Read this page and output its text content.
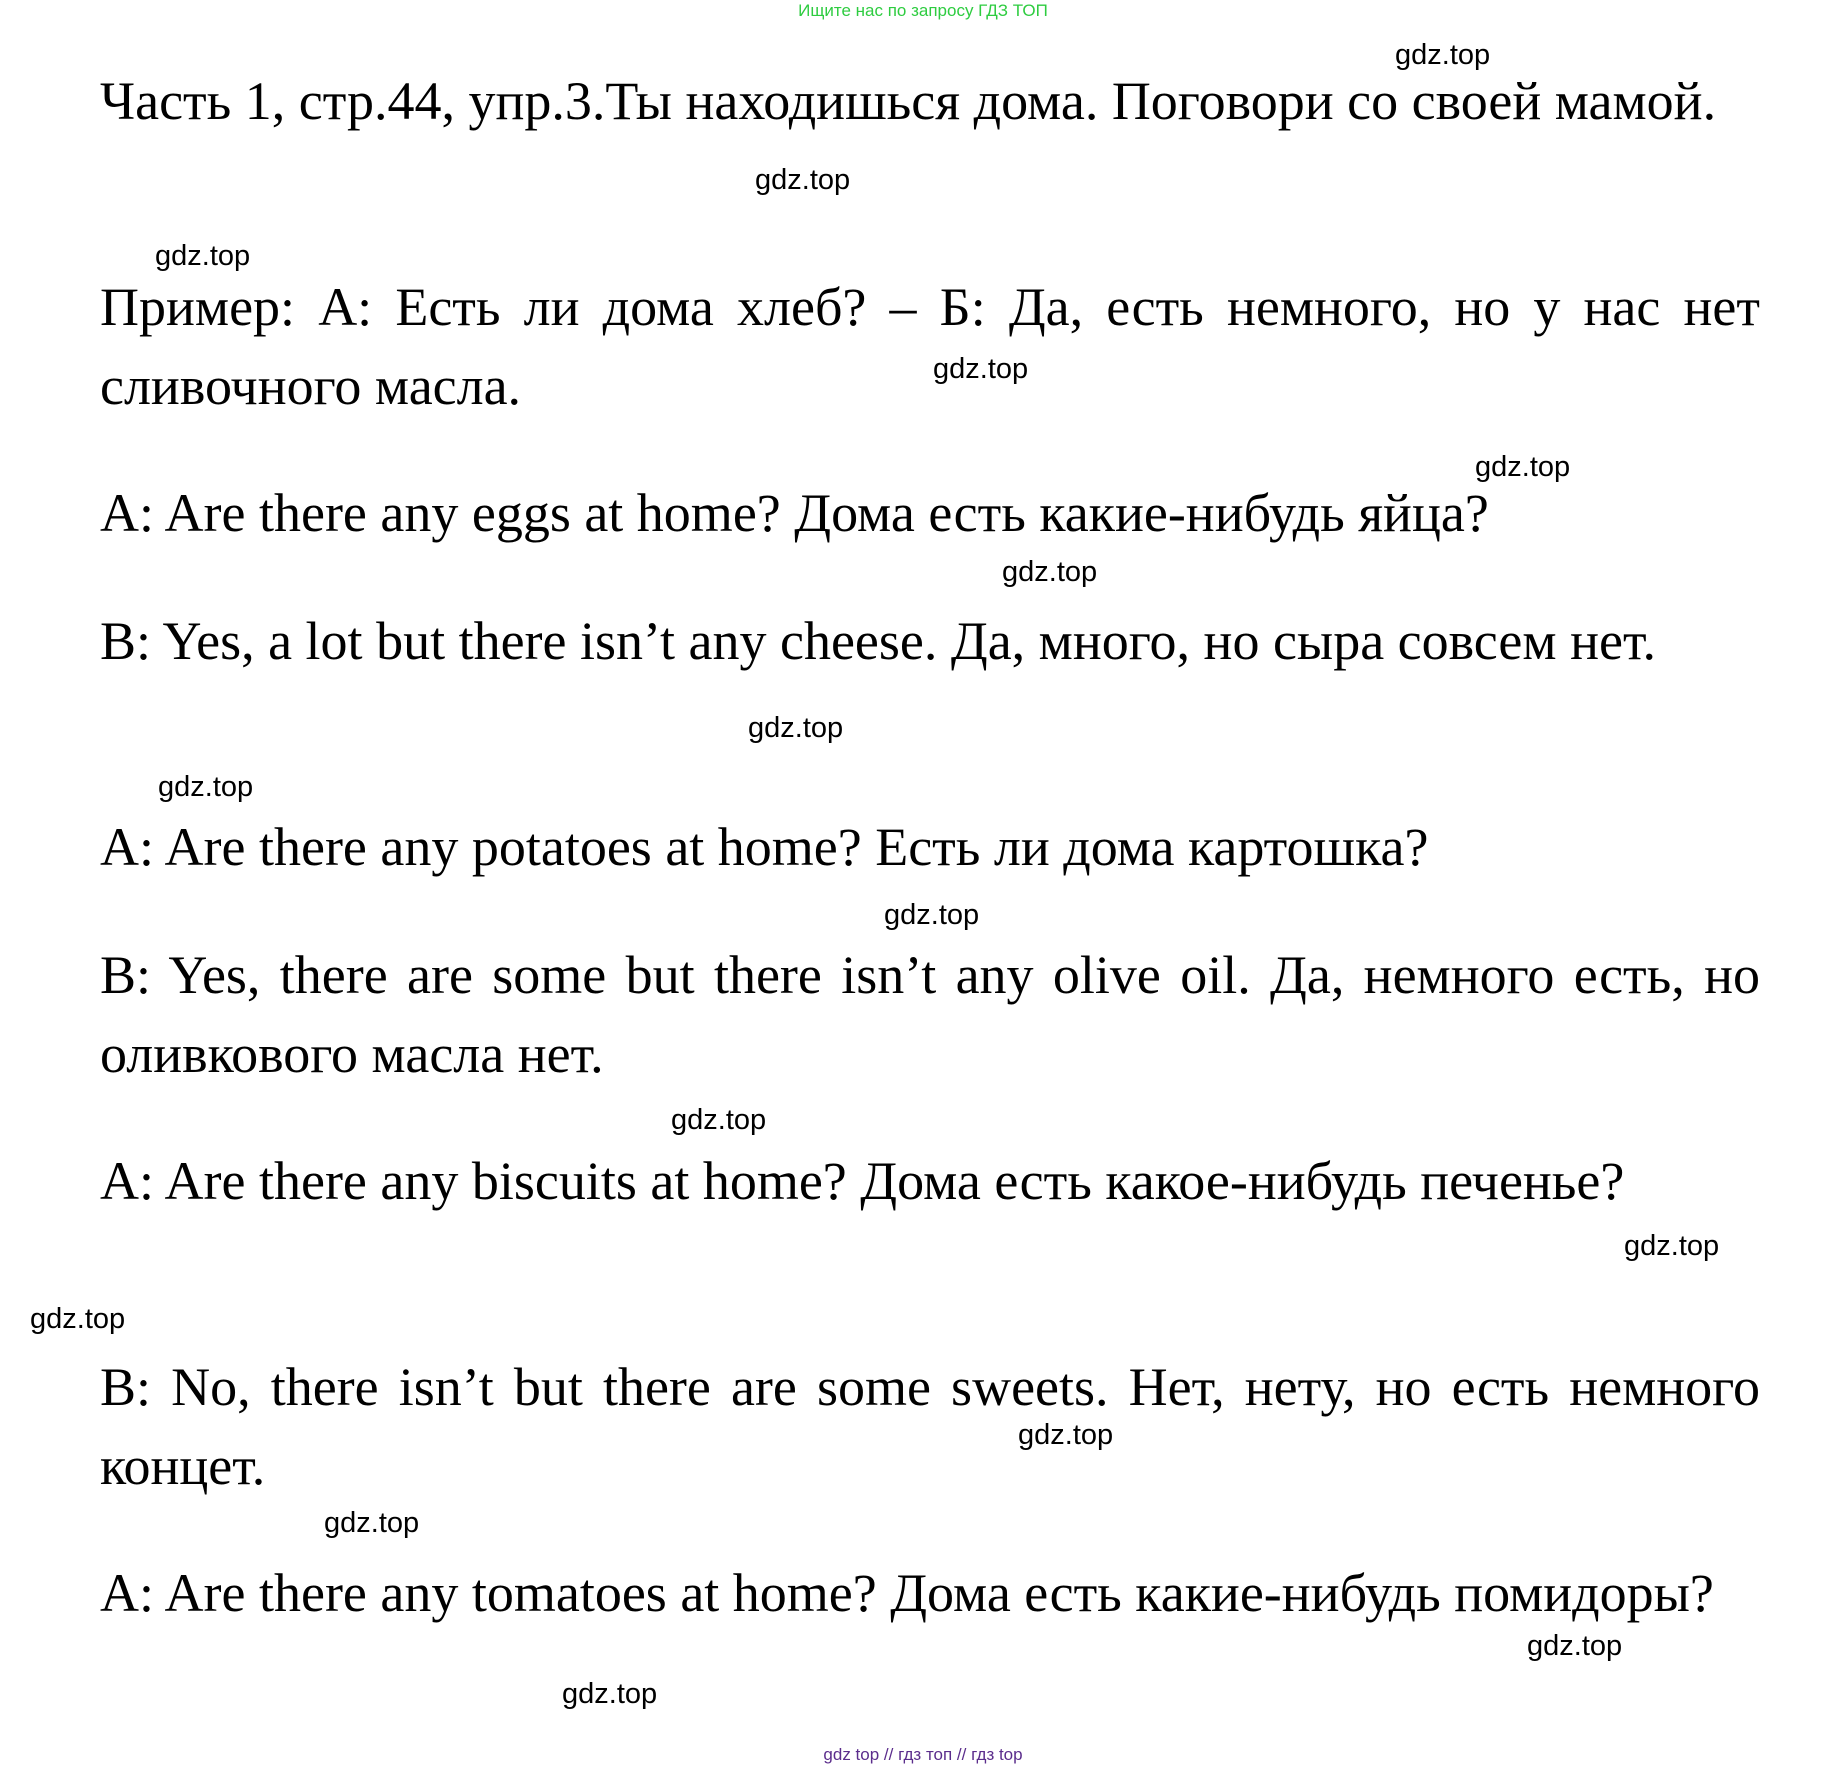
Ищите нас по запросу ГДЗ ТОП

Часть 1, стр.44, упр.3.Ты находишься дома. Поговори со своей мамой.

Пример: А: Есть ли дома хлеб? – Б: Да, есть немного, но у нас нет сливочного масла.

A: Are there any eggs at home? Дома есть какие-нибудь яйца?

B: Yes, a lot but there isn’t any cheese. Да, много, но сыра совсем нет.

A: Are there any potatoes at home? Есть ли дома картошка?

B: Yes, there are some but there isn’t any olive oil. Да, немного есть, но оливкового масла нет.

A: Are there any biscuits at home? Дома есть какое-нибудь печенье?

B: No, there isn’t but there are some sweets. Нет, нету, но есть немного концет.

A: Are there any tomatoes at home? Дома есть какие-нибудь помидоры?

gdz.top
gdz.top
gdz.top
gdz.top
gdz.top
gdz.top
gdz.top
gdz.top
gdz.top
gdz.top
gdz.top
gdz.top
gdz.top
gdz.top
gdz.top
gdz.top
gdz top // гдз топ // гдз top
